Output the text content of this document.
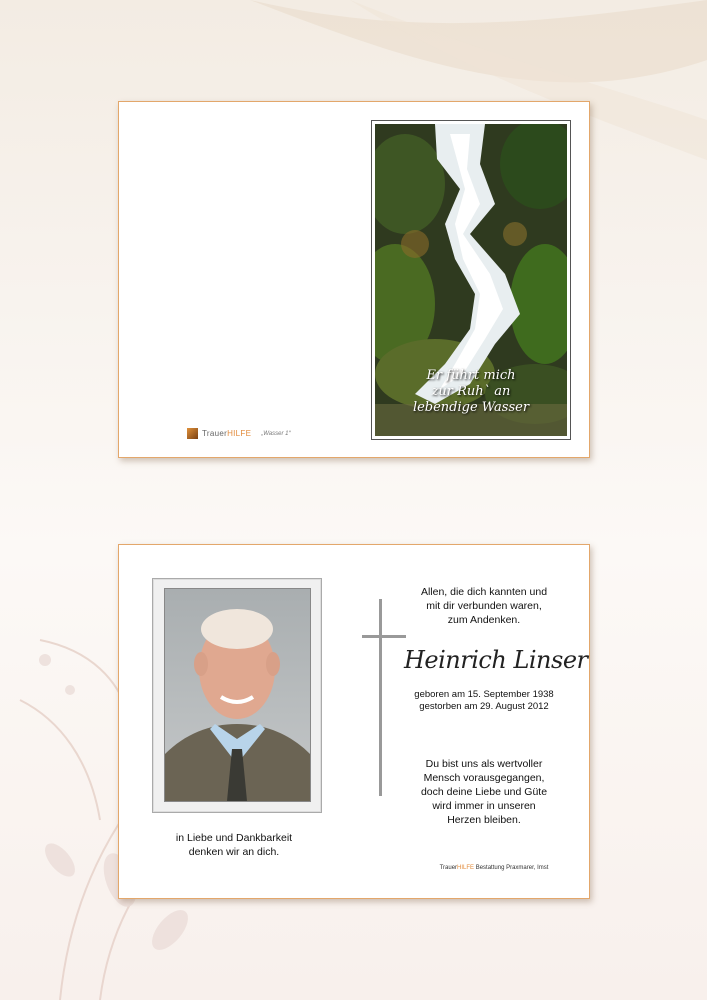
Er führt mich
zur Ruh` an
lebendige Wasser
TrauerHILFE „Wasser 1“
in Liebe und Dankbarkeit
denken wir an dich.
Allen, die dich kannten und
mit dir verbunden waren,
zum Andenken.
Heinrich Linser
geboren am 15. September 1938
gestorben am 29. August 2012
Du bist uns als wertvoller
Mensch vorausgegangen,
doch deine Liebe und Güte
wird immer in unseren
Herzen bleiben.
TrauerHILFE Bestattung Praxmarer, Imst
